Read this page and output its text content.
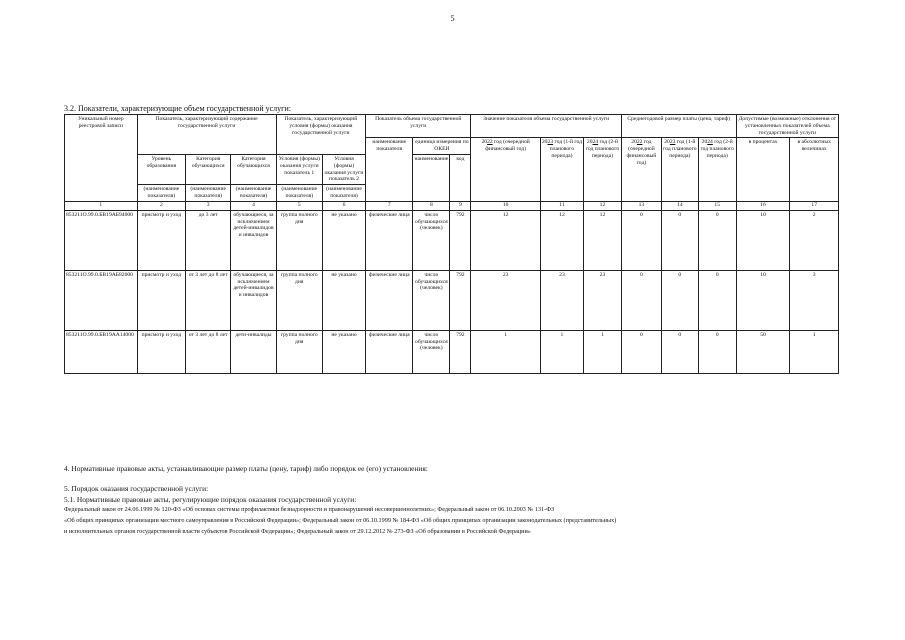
5
3.2. Показатели, характеризующие объем государственной услуги:
Уникальный номер реестровой записи	Показатель, характеризующий содержание государственной услуги			Показатель, характеризующий условия (формы) оказания государственной услуги		Показатель объема государственной услуги			Значение показателя объема государственной услуги			Среднегодовой размер платы (цена, тариф)			Допустимые (возможные) отклонения от установленных показателей объема государственной услуги	
						наименование показателя	единица измерения по ОКЕИ		2022 год (очередной финансовый год)	2023 год (1-й год планового периода)	2024 год (2-й год планового периода)	2022 год (очередной финансовый год)	2023 год (1-й год планового периода)	2024 год (2-й год планового периода)	в процентах	в абсолютных величинах
	Уровень образования	Категория обучающихся	Категория обучающихся	Условия (формы) оказания услуги показатель 1	Условия (формы) оказания услуги показатель 2		наименование	код								
	(наименование показателя)	(наименование показателя)	(наименование показателя)	(наименование показателя)	(наименование показателя)											
1	2	3	4	5	6	7	8	9	10	11	12	13	14	15	16	17
853211О.99.0.БВ19АБ94000	присмотр и уход	до 3 лет	обучающиеся, за исключением детей-инвалидов и инвалидов	группа полного дня	не указано	физические лица	число обучающихся (человек)	792	12	12	12	0	0	0	10	2
853211О.99.0.БВ19АБ82000	присмотр и уход	от 3 лет до 8 лет	обучающиеся, за исключением детей-инвалидов и инвалидов	группа полного дня	не указано	физические лица	число обучающихся (человек)	792	23	23	23	0	0	0	10	3
853211О.99.0.БВ19АА14000	присмотр и уход	от 3 лет до 8 лет	дети-инвалиды	группа полного дня	не указано	физические лица	число обучающихся (человек)	792	1	1	1	0	0	0	50	1
4. Нормативные правовые акты, устанавливающие размер платы (цену, тариф) либо порядок ее (его) установления:
5. Порядок оказания государственной услуги:
5.1. Нормативные правовые акты, регулирующие порядок оказания государственной услуги:
Федеральный закон от 24.06.1999 № 120-ФЗ «Об основах системы профилактики безнадзорности и правонарушений несовершеннолетних»; Федеральный закон от 06.10.2003 № 131-ФЗ
«Об общих принципах организации местного самоуправления в Российской Федерации»; Федеральный закон от 06.10.1999 № 184-ФЗ «Об общих принципах организации законодательных (представительных)
и исполнительных органов государственной власти субъектов Российской Федерации»; Федеральный закон от 29.12.2012 № 273-ФЗ «Об образовании в Российской Федерации»
